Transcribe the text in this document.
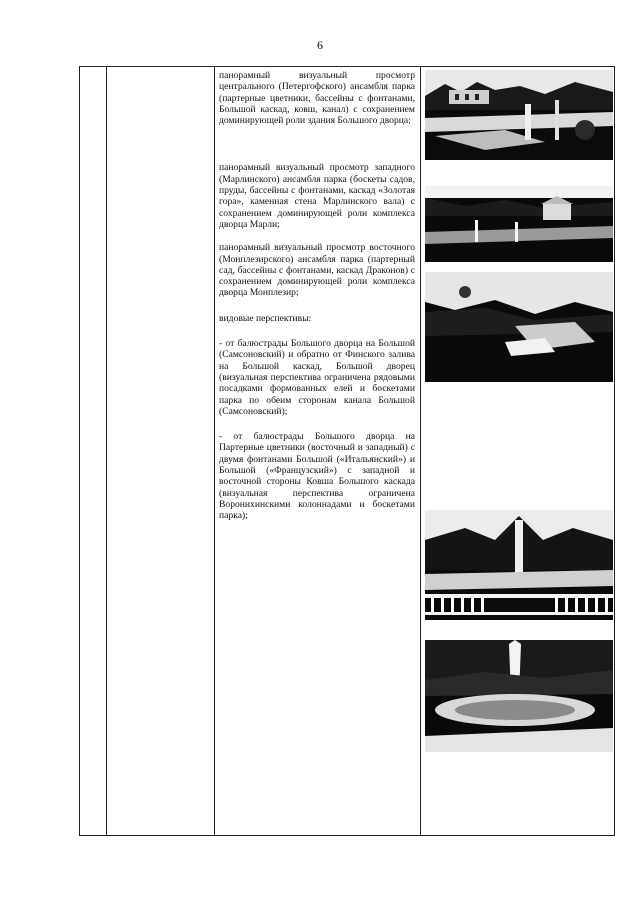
6

панорамный визуальный просмотр центрального (Петергофского) ансамбля парка (партерные цветники, бассейны с фонтанами, Большой каскад, ковш, канал) с сохранением доминирующей роли здания Большого дворца;

панорамный визуальный просмотр западного (Марлинского) ансамбля парка (боскеты садов, пруды, бассейны с фонтанами, каскад «Золотая гора», каменная стена Марлинского вала) с сохранением доминирующей роли комплекса дворца Марли;

панорамный визуальный просмотр восточного (Монплезирского) ансамбля парка (партерный сад, бассейны с фонтанами, каскад Драконов) с сохранением доминирующей роли комплекса дворца Монплезир;

видовые перспективы:

- от балюстрады Большого дворца на Большой (Самсоновский) и обратно от Финского залива на Большой каскад, Большой дворец (визуальная перспектива ограничена рядовыми посадками формованных елей и боскетами парка по обеим сторонам канала Большой (Самсоновский);

- от балюстрады Большого дворца на Партерные цветники (восточный и западный) с двумя фонтанами Большой («Итальянский») и Большой («Французский») с западной и восточной стороны Ковша Большого каскада (визуальная перспектива ограничена Воронихинскими колоннадами и боскетами парка);
